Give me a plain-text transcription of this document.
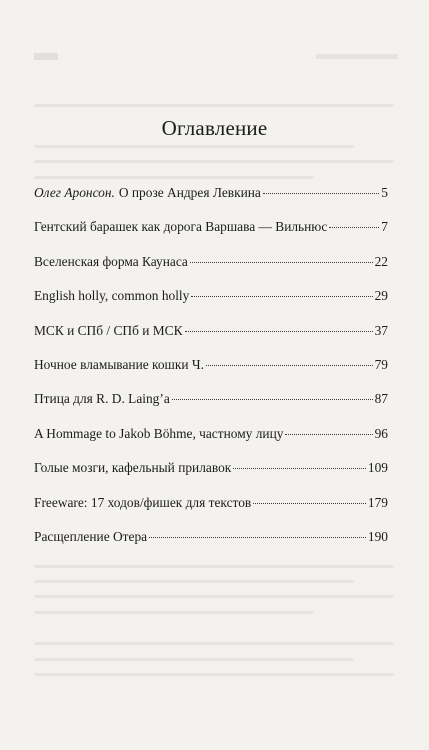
Оглавление
Олег Аронсон. О прозе Андрея Левкина	5
Гентский барашек как дорога Варшава — Вильнюс	7
Вселенская форма Каунаса	22
English holly, common holly	29
МСК и СПб / СПб и МСК	37
Ночное вламывание кошки Ч.	79
Птица для R. D. Laing’a	87
A Hommage to Jakob Böhme, частному лицу	96
Голые мозги, кафельный прилавок	109
Freeware: 17 ходов/фишек для текстов	179
Расщепление Отера	190
